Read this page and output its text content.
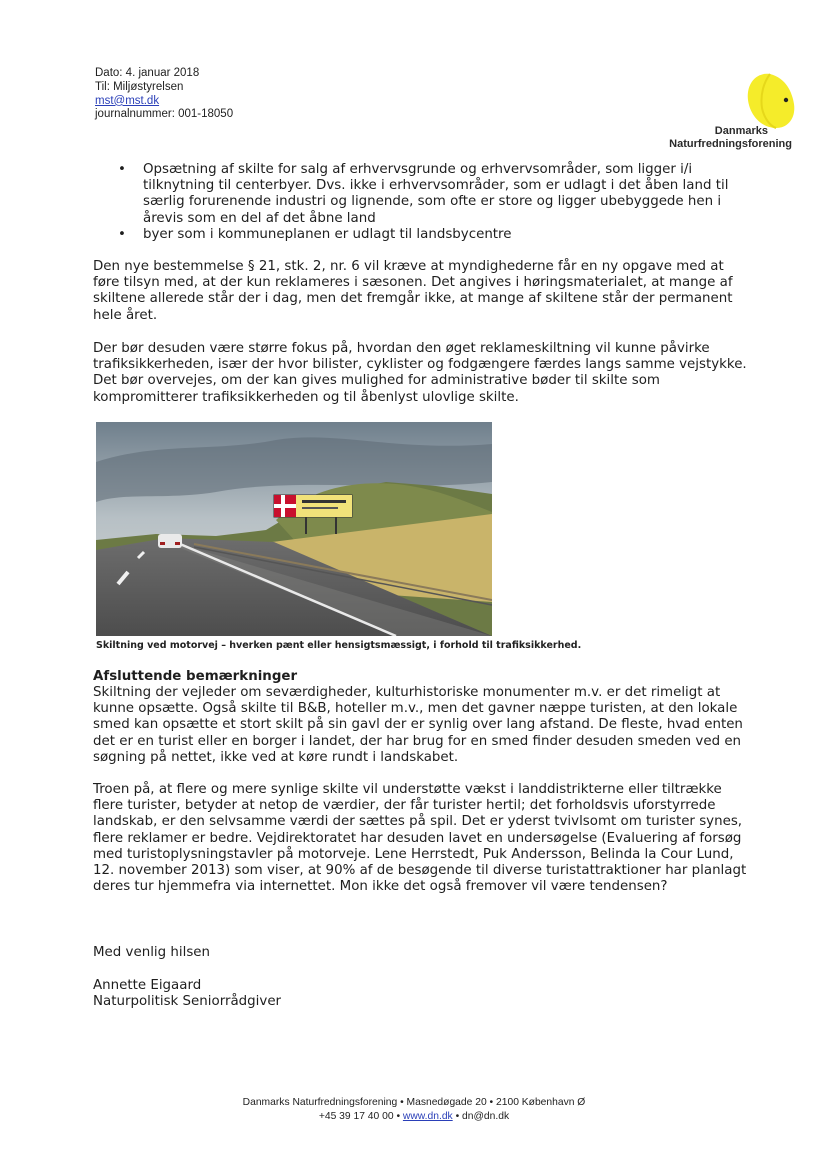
Dato: 4. januar 2018
Til: Miljøstyrelsen
mst@mst.dk
journalnummer: 001-18050
Danmarks
Naturfredningsforening
• Opsætning af skilte for salg af erhvervsgrunde og erhvervsområder, som ligger i/i tilknytning til centerbyer. Dvs. ikke i erhvervsområder, som er udlagt i det åben land til særlig forurenende industri og lignende, som ofte er store og ligger ubebyggede hen i årevis som en del af det åbne land
• byer som i kommuneplanen er udlagt til landsbycentre

Den nye bestemmelse § 21, stk. 2, nr. 6 vil kræve at myndighederne får en ny opgave med at føre tilsyn med, at der kun reklameres i sæsonen. Det angives i høringsmaterialet, at mange af skiltene allerede står der i dag, men det fremgår ikke, at mange af skiltene står der permanent hele året.

Der bør desuden være større fokus på, hvordan den øget reklameskiltning vil kunne påvirke trafiksikkerheden, især der hvor bilister, cyklister og fodgængere færdes langs samme vejstykke. Det bør overvejes, om der kan gives mulighed for administrative bøder til skilte som kompromitterer trafiksikkerheden og til åbenlyst ulovlige skilte.

Skiltning ved motorvej – hverken pænt eller hensigtsmæssigt, i forhold til trafiksikkerhed.
Afsluttende bemærkninger

Skiltning der vejleder om seværdigheder, kulturhistoriske monumenter m.v. er det rimeligt at kunne opsætte. Også skilte til B&B, hoteller m.v., men det gavner næppe turisten, at den lokale smed kan opsætte et stort skilt på sin gavl der er synlig over lang afstand. De fleste, hvad enten det er en turist eller en borger i landet, der har brug for en smed finder desuden smeden ved en søgning på nettet, ikke ved at køre rundt i landskabet.

Troen på, at flere og mere synlige skilte vil understøtte vækst i landdistrikterne eller tiltrække flere turister, betyder at netop de værdier, der får turister hertil; det forholdsvis uforstyrrede landskab, er den selvsamme værdi der sættes på spil. Det er yderst tvivlsomt om turister synes, flere reklamer er bedre. Vejdirektoratet har desuden lavet en undersøgelse (Evaluering af forsøg med turistoplysningstavler på motorveje. Lene Herrstedt, Puk Andersson, Belinda la Cour Lund, 12. november 2013) som viser, at 90% af de besøgende til diverse turistattraktioner har planlagt deres tur hjemmefra via internettet. Mon ikke det også fremover vil være tendensen?

Med venlig hilsen

Annette Eigaard

Naturpolitisk Seniorrådgiver

Danmarks Naturfredningsforening • Masnedøgade 20 • 2100 København Ø
+45 39 17 40 00 • www.dn.dk • dn@dn.dk
